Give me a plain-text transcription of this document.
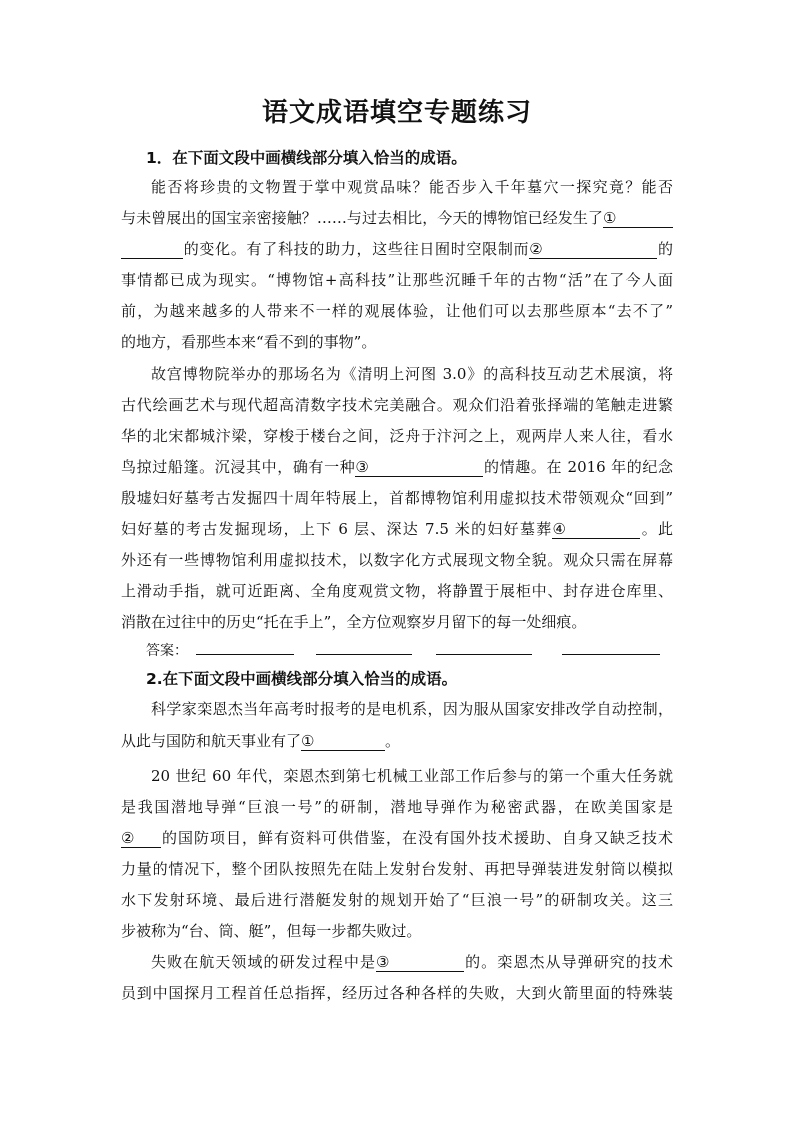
语文成语填空专题练习
1．在下面文段中画横线部分填入恰当的成语。
能否将珍贵的文物置于掌中观赏品味？能否步入千年墓穴一探究竟？能否
与未曾展出的国宝亲密接触？……与过去相比，今天的博物馆已经发生了①
的变化。有了科技的助力，这些往日囿时空限制而②	的
事情都已成为现实。“博物馆+高科技”让那些沉睡千年的古物“活”在了今人面
前，为越来越多的人带来不一样的观展体验，让他们可以去那些原本“去不了”
的地方，看那些本来“看不到的事物”。
故宫博物院举办的那场名为《清明上河图 3.0》的高科技互动艺术展演，将
古代绘画艺术与现代超高清数字技术完美融合。观众们沿着张择端的笔触走进繁
华的北宋都城汴梁，穿梭于楼台之间，泛舟于汴河之上，观两岸人来人往，看水
鸟掠过船篷。沉浸其中，确有一种③	的情趣。在 2016 年的纪念
殷墟妇好墓考古发掘四十周年特展上，首都博物馆利用虚拟技术带领观众“回到”
妇好墓的考古发掘现场，上下 6 层、深达 7.5 米的妇好墓葬④	。此
外还有一些博物馆利用虚拟技术，以数字化方式展现文物全貌。观众只需在屏幕
上滑动手指，就可近距离、全角度观赏文物，将静置于展柜中、封存进仓库里、
消散在过往中的历史“托在手上”，全方位观察岁月留下的每一处细痕。
答案：
2.在下面文段中画横线部分填入恰当的成语。
科学家栾恩杰当年高考时报考的是电机系，因为服从国家安排改学自动控制，
从此与国防和航天事业有了①	。
20 世纪 60 年代，栾恩杰到第七机械工业部工作后参与的第一个重大任务就
是我国潜地导弹“巨浪一号”的研制，潜地导弹作为秘密武器，在欧美国家是
② 的国防项目，鲜有资料可供借鉴，在没有国外技术援助、自身又缺乏技术
力量的情况下，整个团队按照先在陆上发射台发射、再把导弹装进发射筒以模拟
水下发射环境、最后进行潜艇发射的规划开始了“巨浪一号”的研制攻关。这三
步被称为“台、筒、艇”，但每一步都失败过。
失败在航天领域的研发过程中是③	的。栾恩杰从导弹研究的技术
员到中国探月工程首任总指挥，经历过各种各样的失败，大到火箭里面的特殊装
